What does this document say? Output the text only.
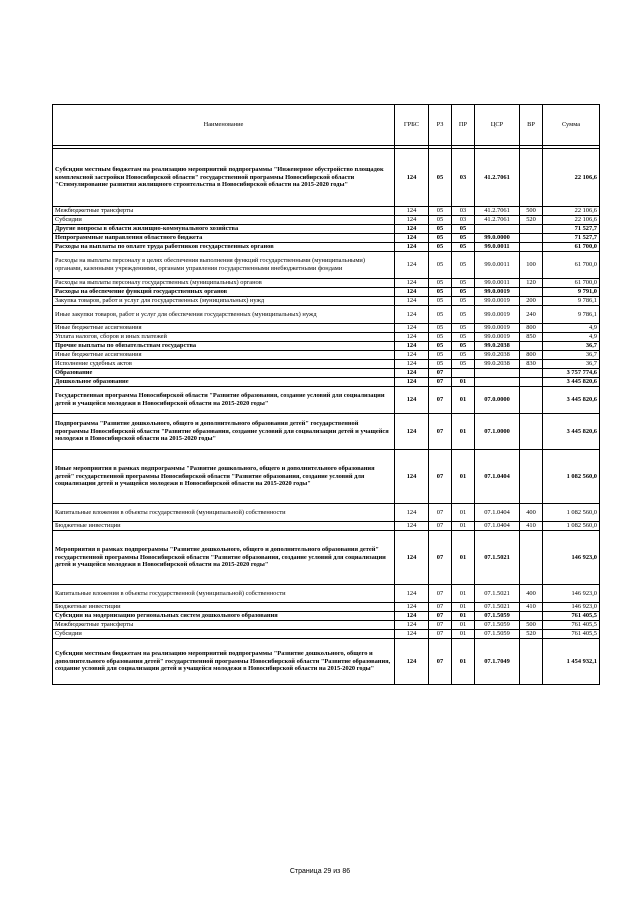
Наименование	ГРБС	РЗ	ПР	ЦСР	ВР	Сумма

Субсидии местным бюджетам на реализацию мероприятий подпрограммы "Инженерное обустройство площадок комплексной застройки Новосибирской области" государственной программы Новосибирской области "Стимулирование развития жилищного строительства в Новосибирской области на 2015-2020 годы"	124	05	03	41.2.7061		22 106,6
Межбюджетные трансферты	124	05	03	41.2.7061	500	22 106,6
Субсидии	124	05	03	41.2.7061	520	22 106,6
Другие вопросы в области жилищно-коммунального хозяйства	124	05	05			71 527,7
Непрограммные направления областного бюджета	124	05	05	99.0.0000		71 527,7
Расходы на выплаты по оплате труда работников государственных органов	124	05	05	99.0.0011		61 700,0
Расходы на выплаты персоналу в целях обеспечения выполнения функций государственными (муниципальными) органами, казенными учреждениями, органами управления государственными внебюджетными фондами	124	05	05	99.0.0011	100	61 700,0
Расходы на выплаты персоналу государственных (муниципальных) органов	124	05	05	99.0.0011	120	61 700,0
Расходы на обеспечение функций государственных органов	124	05	05	99.0.0019		9 791,0
Закупка товаров, работ и услуг для государственных (муниципальных) нужд	124	05	05	99.0.0019	200	9 786,1
Иные закупки товаров, работ и услуг для обеспечения государственных (муниципальных) нужд	124	05	05	99.0.0019	240	9 786,1
Иные бюджетные ассигнования	124	05	05	99.0.0019	800	4,9
Уплата налогов, сборов и иных платежей	124	05	05	99.0.0019	850	4,9
Прочие выплаты по обязательствам государства	124	05	05	99.0.2038		36,7
Иные бюджетные ассигнования	124	05	05	99.0.2038	800	36,7
Исполнение судебных актов	124	05	05	99.0.2038	830	36,7
Образование	124	07				3 757 774,6
Дошкольное образование	124	07	01			3 445 820,6
Государственная программа Новосибирской области "Развитие образования, создание условий для социализации детей и учащейся молодежи в Новосибирской области на 2015-2020 годы"	124	07	01	07.0.0000		3 445 820,6
Подпрограмма "Развитие дошкольного, общего и дополнительного образования детей" государственной программы Новосибирской области "Развитие образования, создание условий для социализации детей и учащейся молодежи в Новосибирской области на 2015-2020 годы"	124	07	01	07.1.0000		3 445 820,6
Иные мероприятия в рамках подпрограммы "Развитие дошкольного, общего и дополнительного образования детей" государственной программы Новосибирской области "Развитие образования, создание условий для социализации детей и учащейся молодежи в Новосибирской области на 2015-2020 годы"	124	07	01	07.1.0404		1 082 560,0
Капитальные вложения в объекты государственной (муниципальной) собственности	124	07	01	07.1.0404	400	1 082 560,0
Бюджетные инвестиции	124	07	01	07.1.0404	410	1 082 560,0
Мероприятия в рамках подпрограммы "Развитие дошкольного, общего и дополнительного образования детей" государственной программы Новосибирской области "Развитие образования, создание условий для социализации детей и учащейся молодежи в Новосибирской области на 2015-2020 годы"	124	07	01	07.1.5021		146 923,0
Капитальные вложения в объекты государственной (муниципальной) собственности	124	07	01	07.1.5021	400	146 923,0
Бюджетные инвестиции	124	07	01	07.1.5021	410	146 923,0
Субсидии на модернизацию региональных систем дошкольного образования	124	07	01	07.1.5059		761 405,5
Межбюджетные трансферты	124	07	01	07.1.5059	500	761 405,5
Субсидии	124	07	01	07.1.5059	520	761 405,5
Субсидии местным бюджетам на реализацию мероприятий подпрограммы "Развитие дошкольного, общего и дополнительного образования детей" государственной программы Новосибирской области "Развитие образования, создание условий для социализации детей и учащейся молодежи в Новосибирской области на 2015-2020 годы"	124	07	01	07.1.7049		1 454 932,1
Страница 29 из 86
